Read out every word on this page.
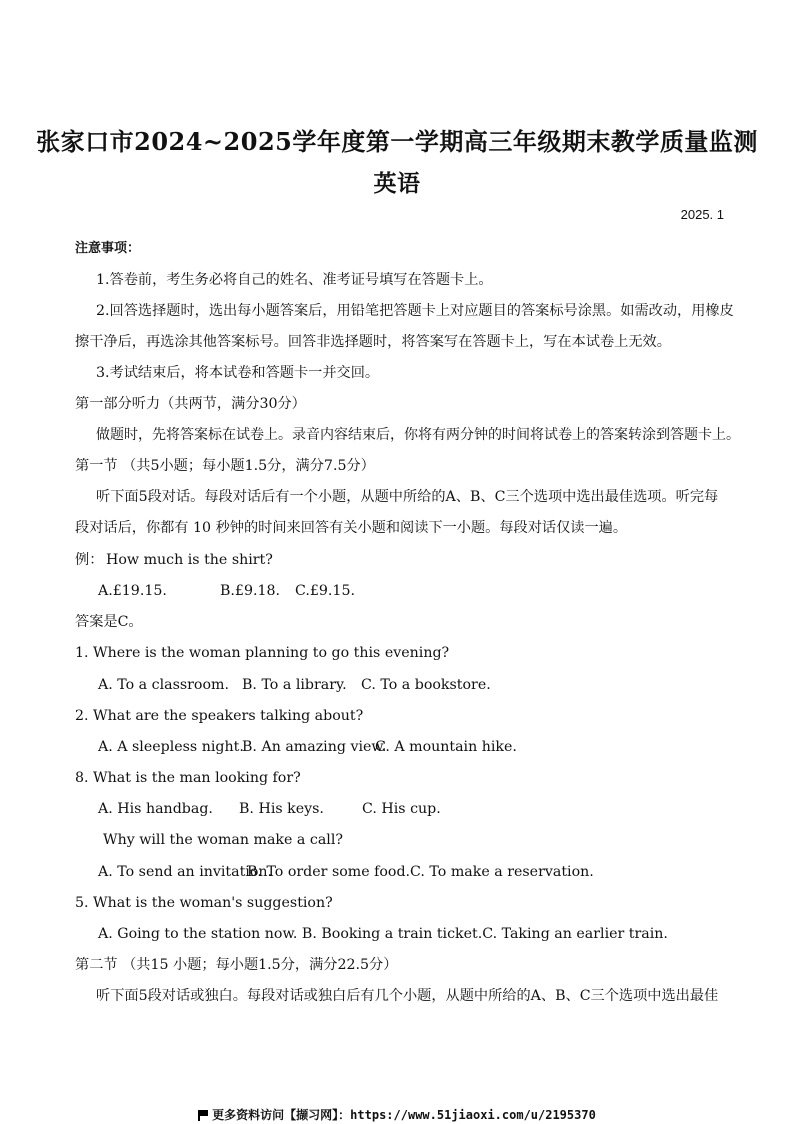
张家口市2024~2025学年度第一学期高三年级期末教学质量监测
英语
2025. 1
注意事项：
1.答卷前，考生务必将自己的姓名、准考证号填写在答题卡上。
2.回答选择题时，选出每小题答案后，用铅笔把答题卡上对应题目的答案标号涂黑。如需改动，用橡皮
擦干净后，再选涂其他答案标号。回答非选择题时，将答案写在答题卡上，写在本试卷上无效。
3.考试结束后，将本试卷和答题卡一并交回。
第一部分听力（共两节，满分30分）
做题时，先将答案标在试卷上。录音内容结束后，你将有两分钟的时间将试卷上的答案转涂到答题卡上。
第一节 （共5小题；每小题1.5分，满分7.5分）
听下面5段对话。每段对话后有一个小题，从题中所给的A、B、C三个选项中选出最佳选项。听完每
段对话后，你都有 10 秒钟的时间来回答有关小题和阅读下一小题。每段对话仅读一遍。
例： How much is the shirt?
A.£19.15.	B.£9.18. C.£9.15.
答案是C。
1. Where is the woman planning to go this evening?
A. To a classroom. B. To a library. C. To a bookstore.
2. What are the speakers talking about?
A. A sleepless night.
B. An amazing view.
C. A mountain hike.
8. What is the man looking for?
A. His handbag. B. His keys.	C. His cup.
Why will the woman make a call?
A. To send an invitation.
B. To order some food.C. To make a reservation.
5. What is the woman's suggestion?
A. Going to the station now. B. Booking a train ticket.C. Taking an earlier train.
第二节 （共15 小题；每小题1.5分，满分22.5分）
听下面5段对话或独白。每段对话或独白后有几个小题，从题中所给的A、B、C三个选项中选出最佳
更多资料访问【撷习网】：https://www.51jiaoxi.com/u/2195370
